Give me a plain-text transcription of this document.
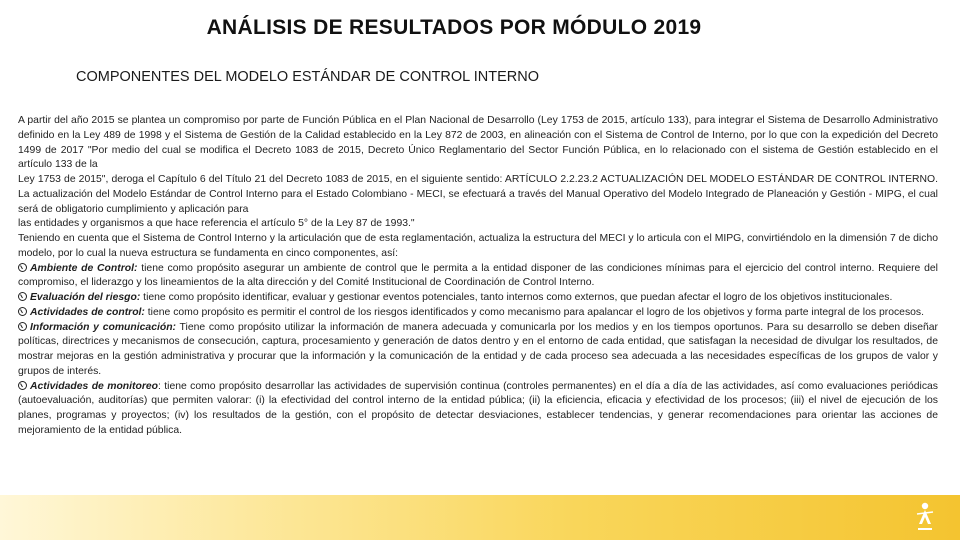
ANÁLISIS DE RESULTADOS POR MÓDULO 2019
COMPONENTES DEL MODELO ESTÁNDAR DE CONTROL INTERNO

A partir del año 2015 se plantea un compromiso por parte de Función Pública en el Plan Nacional de Desarrollo (Ley 1753 de 2015, artículo 133), para integrar el Sistema de Desarrollo Administrativo definido en la Ley 489 de 1998 y el Sistema de Gestión de la Calidad establecido en la Ley 872 de 2003, en alineación con el Sistema de Control de Interno, por lo que con la expedición del Decreto 1499 de 2017 "Por medio del cual se modifica el Decreto 1083 de 2015, Decreto Único Reglamentario del Sector Función Pública, en lo relacionado con el sistema de Gestión establecido en el artículo 133 de la

Ley 1753 de 2015", deroga el Capítulo 6 del Título 21 del Decreto 1083 de 2015, en el siguiente sentido: ARTÍCULO 2.2.23.2 ACTUALIZACIÓN DEL MODELO ESTÁNDAR DE CONTROL INTERNO. La actualización del Modelo Estándar de Control Interno para el Estado Colombiano - MECI, se efectuará a través del Manual Operativo del Modelo Integrado de Planeación y Gestión - MIPG, el cual será de obligatorio cumplimiento y aplicación para

las entidades y organismos a que hace referencia el artículo 5° de la Ley 87 de 1993."

Teniendo en cuenta que el Sistema de Control Interno y la articulación que de esta reglamentación, actualiza la estructura del MECI y lo articula con el MIPG, convirtiéndolo en la dimensión 7 de dicho modelo, por lo cual la nueva estructura se fundamenta en cinco componentes, así:

Ambiente de Control: tiene como propósito asegurar un ambiente de control que le permita a la entidad disponer de las condiciones mínimas para el ejercicio del control interno. Requiere del compromiso, el liderazgo y los lineamientos de la alta dirección y del Comité Institucional de Coordinación de Control Interno.

Evaluación del riesgo: tiene como propósito identificar, evaluar y gestionar eventos potenciales, tanto internos como externos, que puedan afectar el logro de los objetivos institucionales.

Actividades de control: tiene como propósito es permitir el control de los riesgos identificados y como mecanismo para apalancar el logro de los objetivos y forma parte integral de los procesos.

Información y comunicación: Tiene como propósito utilizar la información de manera adecuada y comunicarla por los medios y en los tiempos oportunos. Para su desarrollo se deben diseñar políticas, directrices y mecanismos de consecución, captura, procesamiento y generación de datos dentro y en el entorno de cada entidad, que satisfagan la necesidad de divulgar los resultados, de mostrar mejoras en la gestión administrativa y procurar que la información y la comunicación de la entidad y de cada proceso sea adecuada a las necesidades específicas de los grupos de valor y grupos de interés.

Actividades de monitoreo: tiene como propósito desarrollar las actividades de supervisión continua (controles permanentes) en el día a día de las actividades, así como evaluaciones periódicas (autoevaluación, auditorías) que permiten valorar: (i) la efectividad del control interno de la entidad pública; (ii) la eficiencia, eficacia y efectividad de los procesos; (iii) el nivel de ejecución de los planes, programas y proyectos; (iv) los resultados de la gestión, con el propósito de detectar desviaciones, establecer tendencias, y generar recomendaciones para orientar las acciones de mejoramiento de la entidad pública.
